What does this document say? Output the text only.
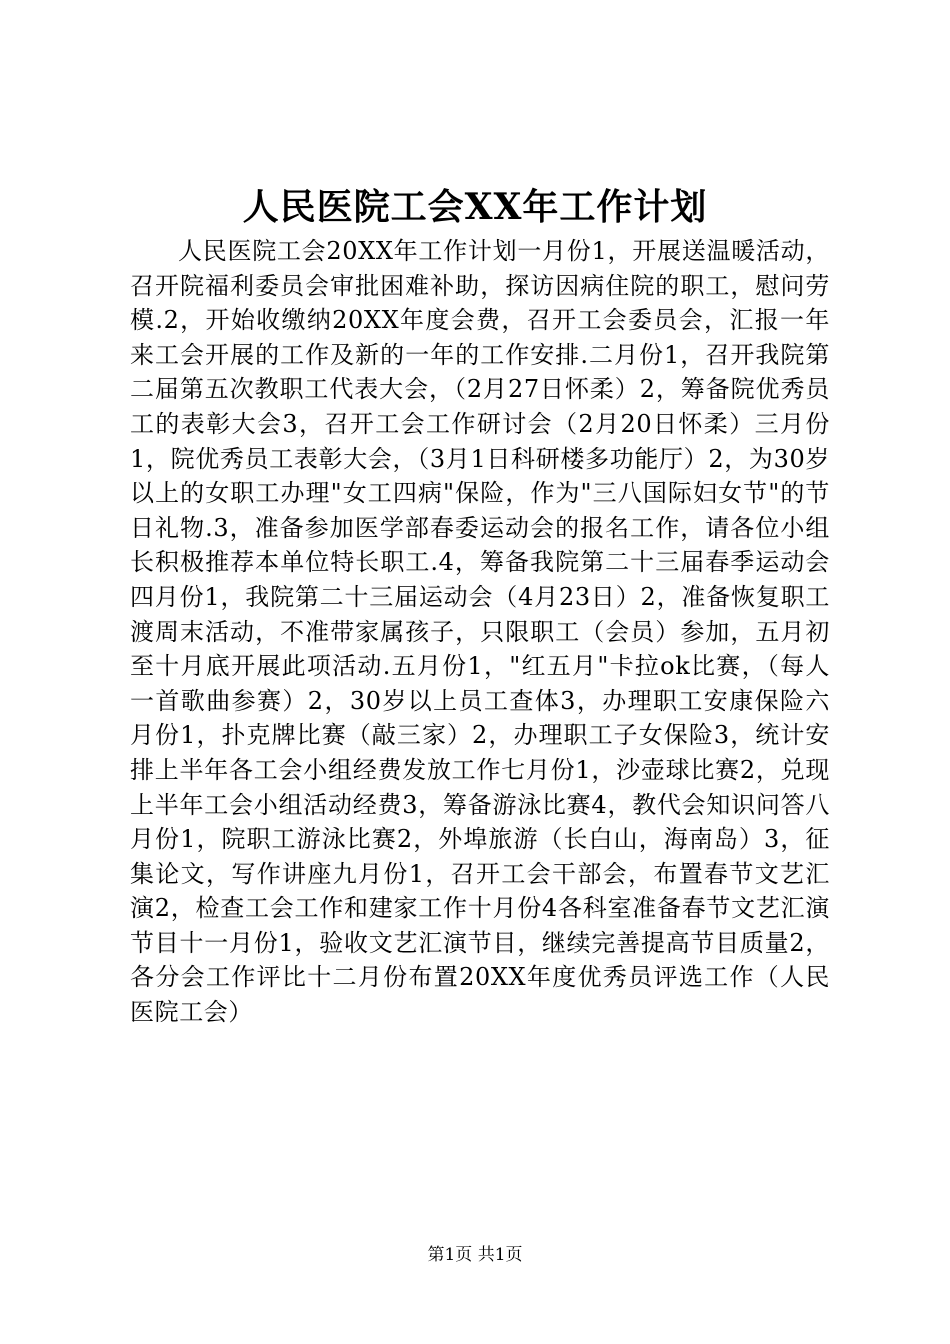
人民医院工会XX年工作计划

人民医院工会20XX年工作计划一月份1，开展送温暖活动，召开院福利委员会审批困难补助，探访因病住院的职工，慰问劳模.2，开始收缴纳20XX年度会费，召开工会委员会，汇报一年来工会开展的工作及新的一年的工作安排.二月份1，召开我院第二届第五次教职工代表大会，（2月27日怀柔）2，筹备院优秀员工的表彰大会3，召开工会工作研讨会（2月20日怀柔）三月份1，院优秀员工表彰大会，（3月1日科研楼多功能厅）2，为30岁以上的女职工办理"女工四病"保险，作为"三八国际妇女节"的节日礼物.3，准备参加医学部春委运动会的报名工作，请各位小组长积极推荐本单位特长职工.4，筹备我院第二十三届春季运动会四月份1，我院第二十三届运动会（4月23日）2，准备恢复职工渡周末活动，不准带家属孩子，只限职工（会员）参加，五月初至十月底开展此项活动.五月份1，"红五月"卡拉ok比赛，（每人一首歌曲参赛）2，30岁以上员工查体3，办理职工安康保险六月份1，扑克牌比赛（敲三家）2，办理职工子女保险3，统计安排上半年各工会小组经费发放工作七月份1，沙壶球比赛2，兑现上半年工会小组活动经费3，筹备游泳比赛4，教代会知识问答八月份1，院职工游泳比赛2，外埠旅游（长白山，海南岛）3，征集论文，写作讲座九月份1，召开工会干部会，布置春节文艺汇演2，检查工会工作和建家工作十月份4各科室准备春节文艺汇演节目十一月份1，验收文艺汇演节目，继续完善提高节目质量2，各分会工作评比十二月份布置20XX年度优秀员评选工作（人民医院工会）

第1页 共1页
